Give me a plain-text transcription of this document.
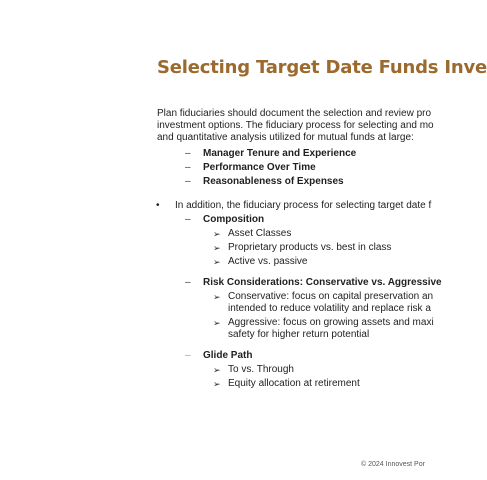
Selecting Target Date Funds Inve
Plan fiduciaries should document the selection and review pro
investment options. The fiduciary process for selecting and mo
and quantitative analysis utilized for mutual funds at large:
– Manager Tenure and Experience
– Performance Over Time
– Reasonableness of Expenses
• In addition, the fiduciary process for selecting target date f
– Composition
➢ Asset Classes
➢ Proprietary products vs. best in class
➢ Active vs. passive
– Risk Considerations: Conservative vs. Aggressive
➢ Conservative: focus on capital preservation an
intended to reduce volatility and replace risk a
➢ Aggressive: focus on growing assets and maxi
safety for higher return potential
– Glide Path
➢ To vs. Through
➢ Equity allocation at retirement
© 2024 Innovest Por
